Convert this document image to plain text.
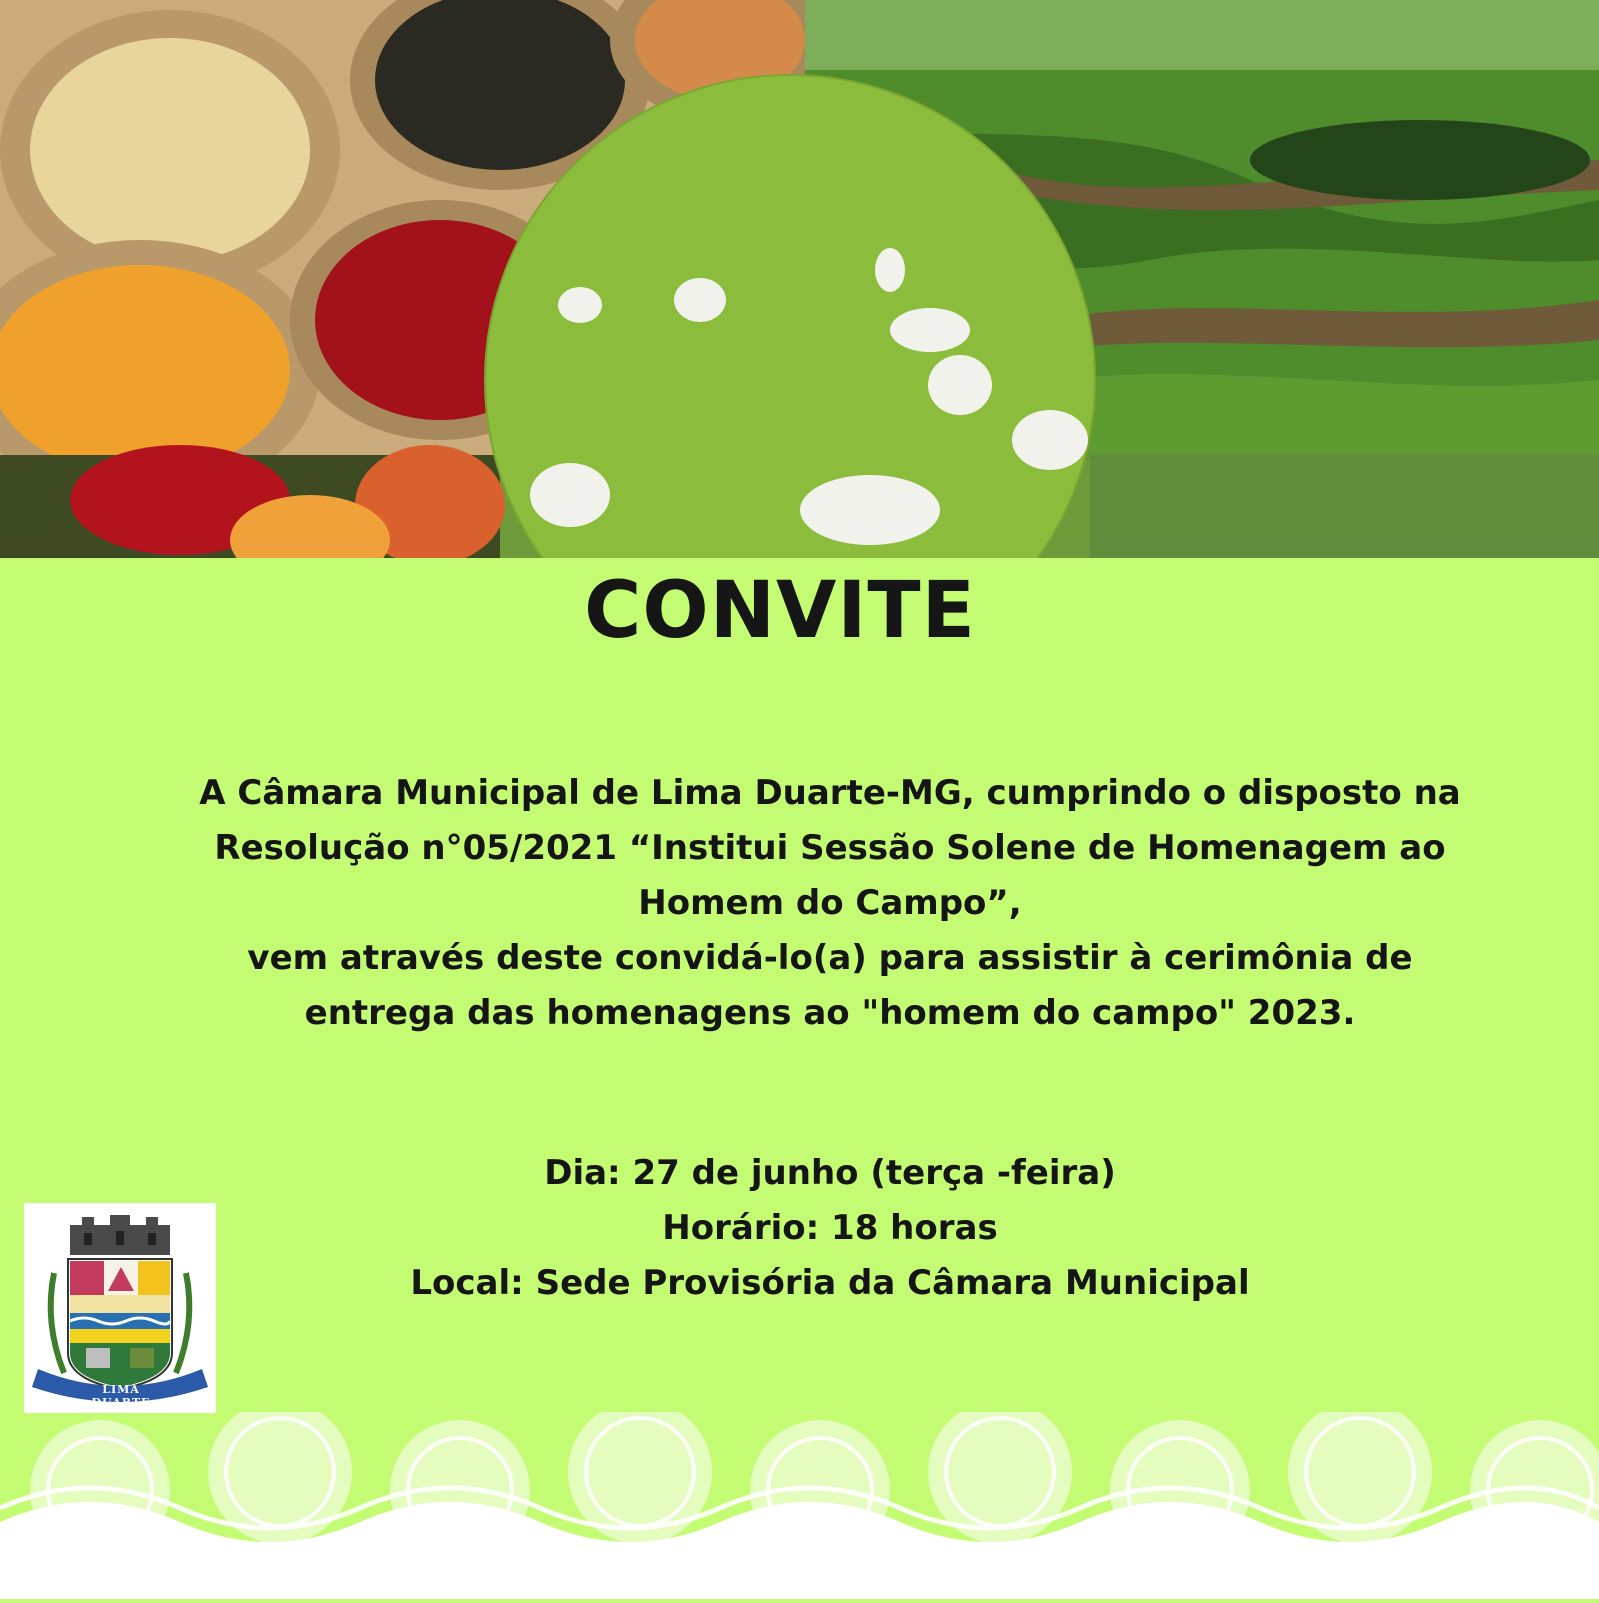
CONVITE
A Câmara Municipal de Lima Duarte-MG, cumprindo o disposto na
Resolução n°05/2021 “Institui Sessão Solene de Homenagem ao
Homem do Campo”,
vem através deste convidá-lo(a) para assistir à cerimônia de
entrega das homenagens ao "homem do campo" 2023.
Dia: 27 de junho (terça -feira)
Horário: 18 horas
Local: Sede Provisória da Câmara Municipal
LIMA DUARTE
